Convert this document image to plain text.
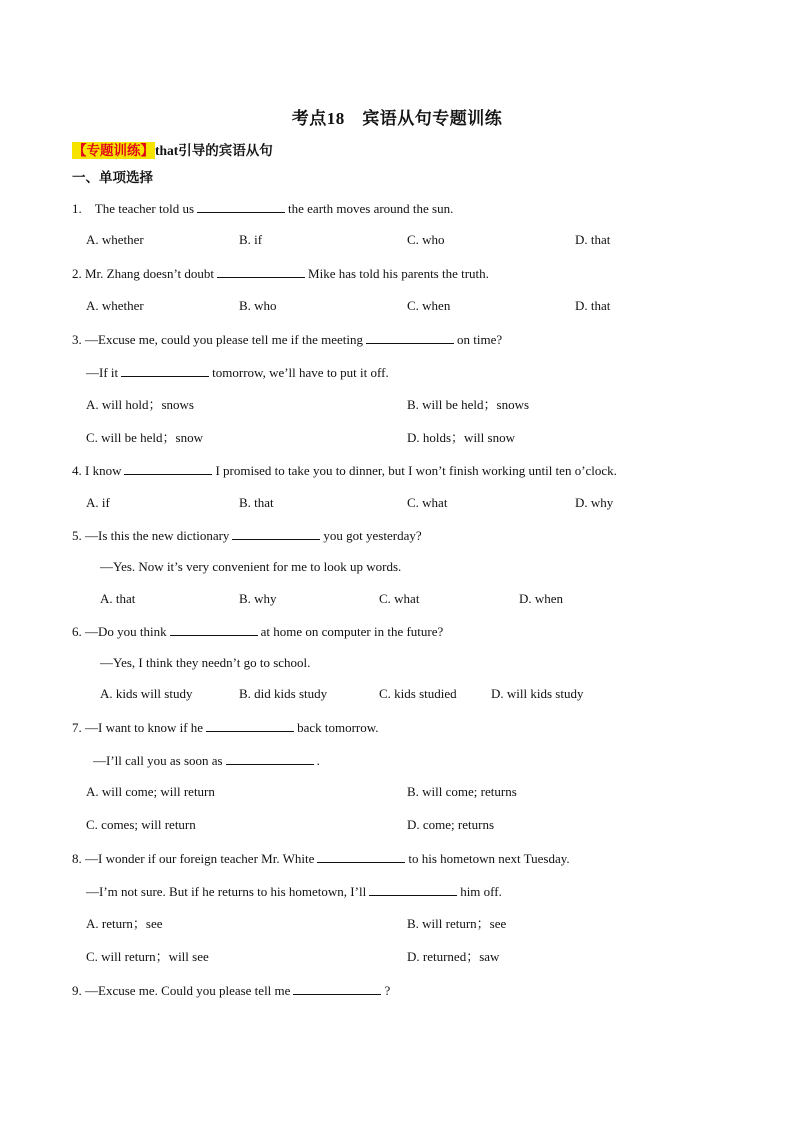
考点18　宾语从句专题训练
【专题训练】that引导的宾语从句
一、单项选择
1.　The teacher told us	the earth moves around the sun.
A. whether	B. if	C. who	D. that
2. Mr. Zhang doesn’t doubt	Mike has told his parents the truth.
A. whether	B. who	C. when	D. that
3. —Excuse me, could you please tell me if the meeting	on time?
—If it	tomorrow, we’ll have to put it off.
A. will hold；snows	B. will be held；snows
C. will be held；snow	D. holds；will snow
4. I know	I promised to take you to dinner, but I won’t finish working until ten o’clock.
A. if	B. that	C. what	D. why
5. —Is this the new dictionary	you got yesterday?
—Yes. Now it’s very convenient for me to look up words.
A. that	B. why	C. what	D. when
6. —Do you think	at home on computer in the future?
—Yes, I think they needn’t go to school.
A. kids will study	B. did kids study	C. kids studied	D. will kids study
7. —I want to know if he	back tomorrow.
—I’ll call you as soon as	.
A. will come; will return	B. will come; returns
C. comes; will return	D. come; returns
8. —I wonder if our foreign teacher Mr. White	to his hometown next Tuesday.
—I’m not sure. But if he returns to his hometown, I’ll	him off.
A. return；see	B. will return；see
C. will return；will see	D. returned；saw
9. —Excuse me. Could you please tell me	?
